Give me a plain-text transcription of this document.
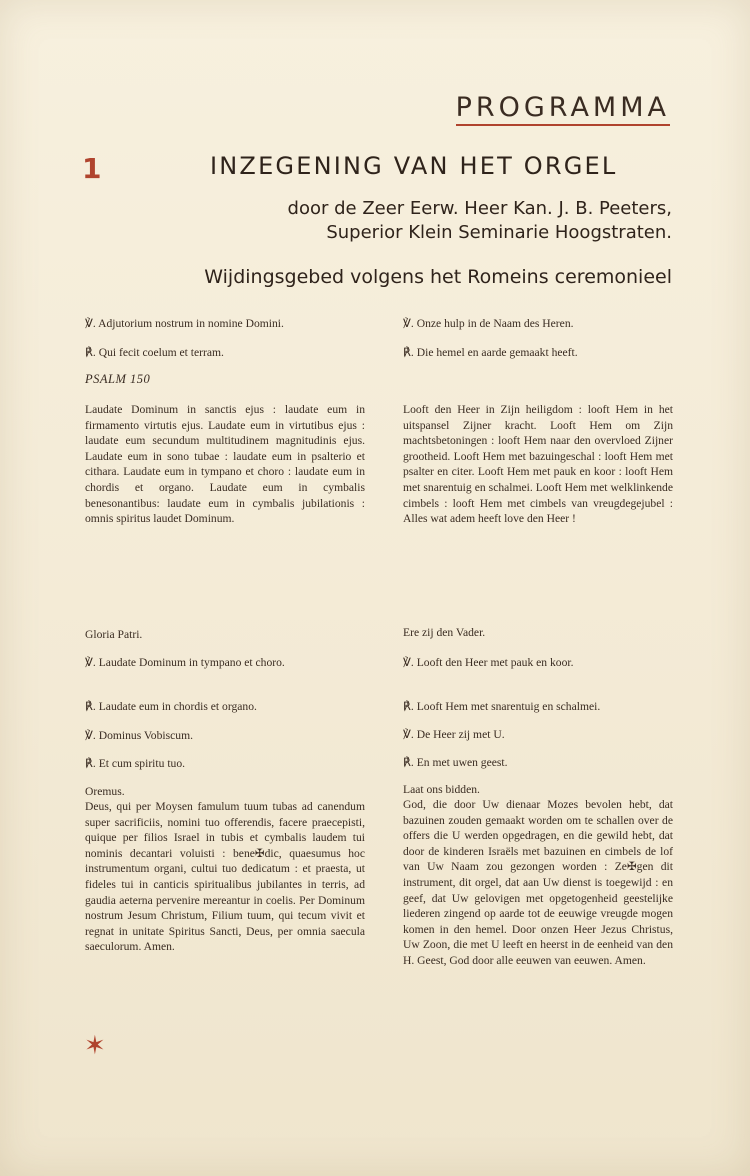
PROGRAMMA
1	INZEGENING VAN HET ORGEL
door de Zeer Eerw. Heer Kan. J. B. Peeters,
Superior Klein Seminarie Hoogstraten.
Wijdingsgebed volgens het Romeins ceremonieel
℣. Adjutorium nostrum in nomine Domini.
℟. Qui fecit coelum et terram.
PSALM 150
Laudate Dominum in sanctis ejus : laudate eum in firmamento virtutis ejus. Laudate eum in virtutibus ejus : laudate eum secundum multitudinem magnitudinis ejus. Laudate eum in sono tubae : laudate eum in psalterio et cithara. Laudate eum in tympano et choro : laudate eum in chordis et organo. Laudate eum in cymbalis benesonantibus: laudate eum in cymbalis jubilationis : omnis spiritus laudet Dominum.
Gloria Patri.
℣. Laudate Dominum in tympano et choro.
℟. Laudate eum in chordis et organo.
℣. Dominus Vobiscum.
℟. Et cum spiritu tuo.
Oremus.
Deus, qui per Moysen famulum tuum tubas ad canendum super sacrificiis, nomini tuo offerendis, facere praecepisti, quique per filios Israel in tubis et cymbalis laudem tui nominis decantari voluisti : bene✠dic, quaesumus hoc instrumentum organi, cultui tuo dedicatum : et praesta, ut fideles tui in canticis spiritualibus jubilantes in terris, ad gaudia aeterna pervenire mereantur in coelis. Per Dominum nostrum Jesum Christum, Filium tuum, qui tecum vivit et regnat in unitate Spiritus Sancti, Deus, per omnia saecula saeculorum. Amen.
℣. Onze hulp in de Naam des Heren.
℟. Die hemel en aarde gemaakt heeft.
Looft den Heer in Zijn heiligdom : looft Hem in het uitspansel Zijner kracht. Looft Hem om Zijn machtsbetoningen : looft Hem naar den overvloed Zijner grootheid. Looft Hem met bazuingeschal : looft Hem met psalter en citer. Looft Hem met pauk en koor : looft Hem met snarentuig en schalmei. Looft Hem met welklinkende cimbels : looft Hem met cimbels van vreugdegejubel : Alles wat adem heeft love den Heer !
Ere zij den Vader.
℣. Looft den Heer met pauk en koor.
℟. Looft Hem met snarentuig en schalmei.
℣. De Heer zij met U.
℟. En met uwen geest.
Laat ons bidden.
God, die door Uw dienaar Mozes bevolen hebt, dat bazuinen zouden gemaakt worden om te schallen over de offers die U werden opgedragen, en die gewild hebt, dat door de kinderen Israëls met bazuinen en cimbels de lof van Uw Naam zou gezongen worden : Ze✠gen dit instrument, dit orgel, dat aan Uw dienst is toegewijd : en geef, dat Uw gelovigen met opgetogenheid geestelijke liederen zingend op aarde tot de eeuwige vreugde mogen komen in den hemel. Door onzen Heer Jezus Christus, Uw Zoon, die met U leeft en heerst in de eenheid van den H. Geest, God door alle eeuwen van eeuwen. Amen.
✶
